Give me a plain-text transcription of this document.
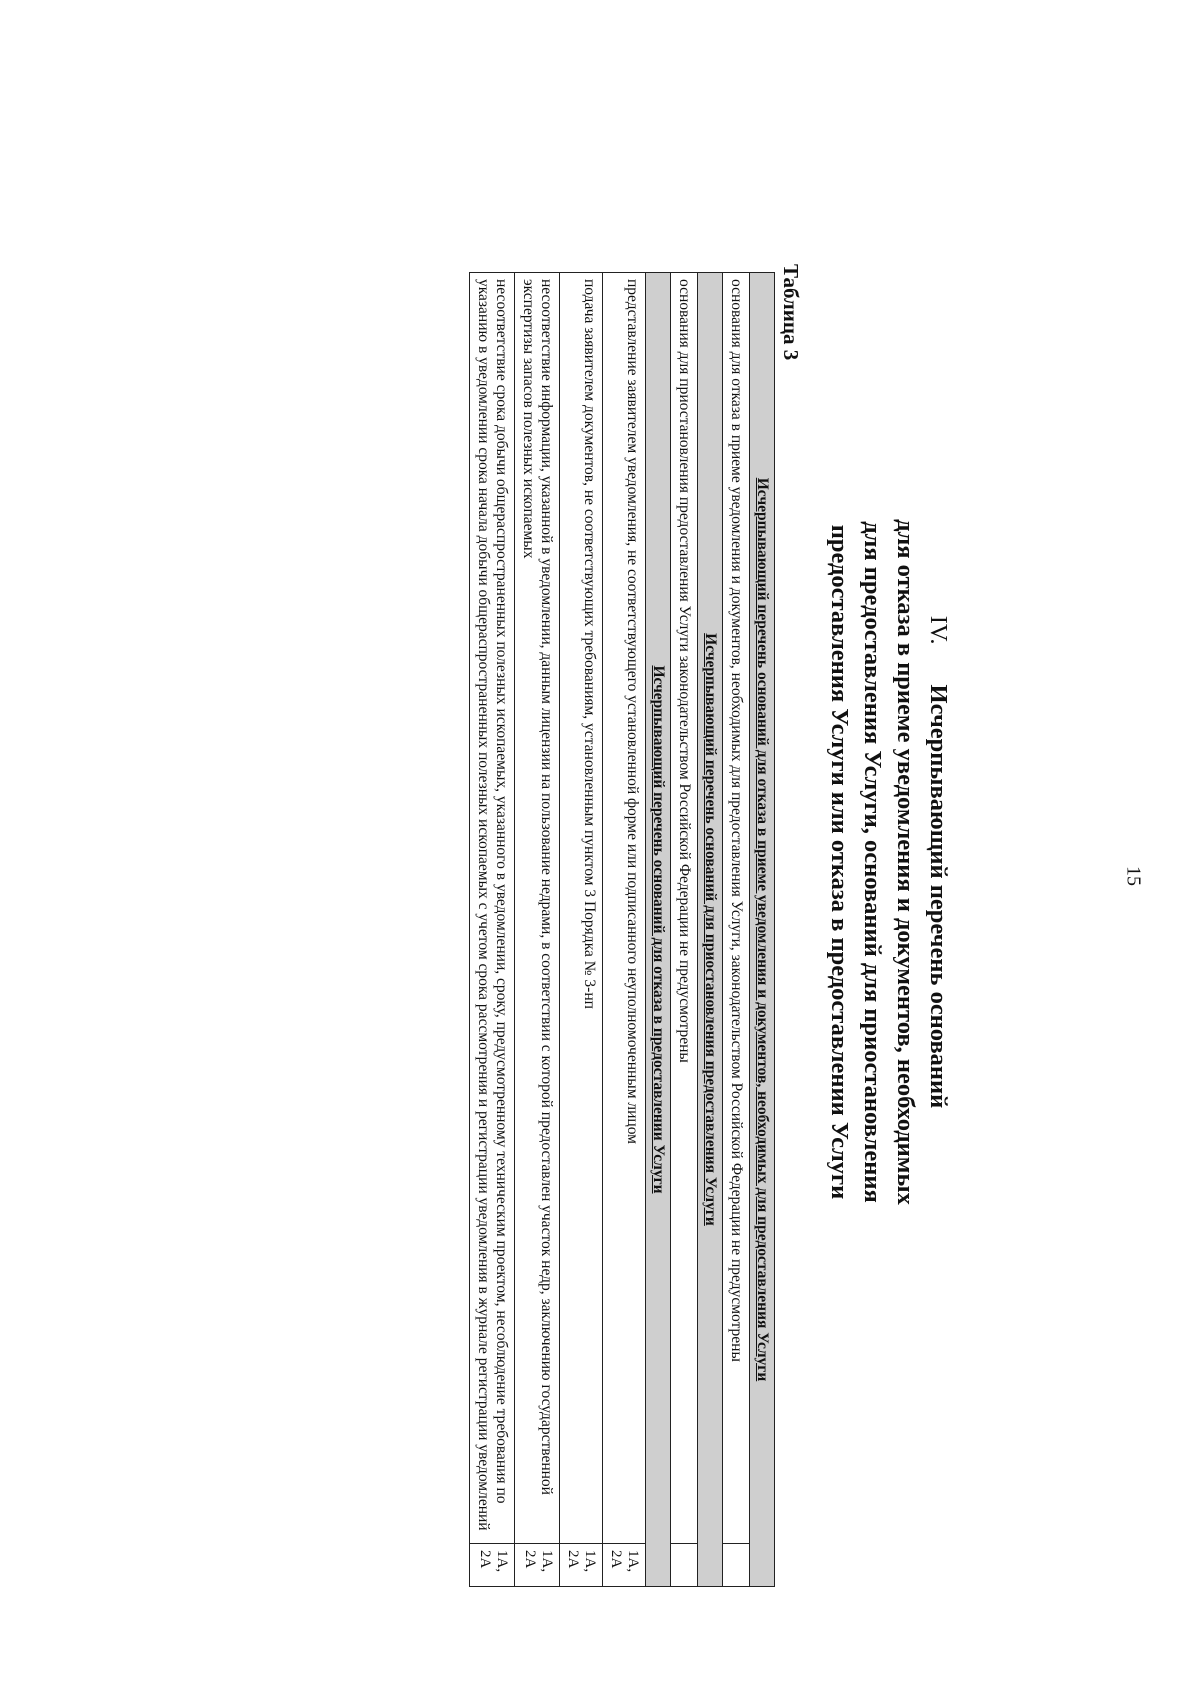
15
IV.Исчерпывающий перечень оснований
для отказа в приеме уведомления и документов, необходимых
для предоставления Услуги, оснований для приостановления
предоставления Услуги или отказа в предоставлении Услуги
Таблица 3
Исчерпывающий перечень оснований для отказа в приеме уведомления и документов, необходимых для предоставления Услуги	
основания для отказа в приеме уведомления и документов, необходимых для предоставления Услуги, законодательством Российской Федерации не предусмотрены	
Исчерпывающий перечень оснований для приостановления предоставления Услуги	
основания для приостановления предоставления Услуги законодательством Российской Федерации не предусмотрены	
Исчерпывающий перечень оснований для отказа в предоставлении Услуги	
представление заявителем уведомления, не соответствующего установленной форме или подписанного неуполномоченным лицом	1А, 2А
подача заявителем документов, не соответствующих требованиям, установленным пунктом 3 Порядка № 3-нп	1А, 2А
несоответствие информации, указанной в уведомлении, данным лицензии на пользование недрами, в соответствии с которой предоставлен участок недр, заключению государственной экспертизы запасов полезных ископаемых	1А, 2А
несоответствие срока добычи общераспространенных полезных ископаемых, указанного в уведомлении, сроку, предусмотренному техническим проектом, несоблюдение требования по указанию в уведомлении срока начала добычи общераспространенных полезных ископаемых с учетом срока рассмотрения и регистрации уведомления в журнале регистрации уведомлений	1А, 2А
